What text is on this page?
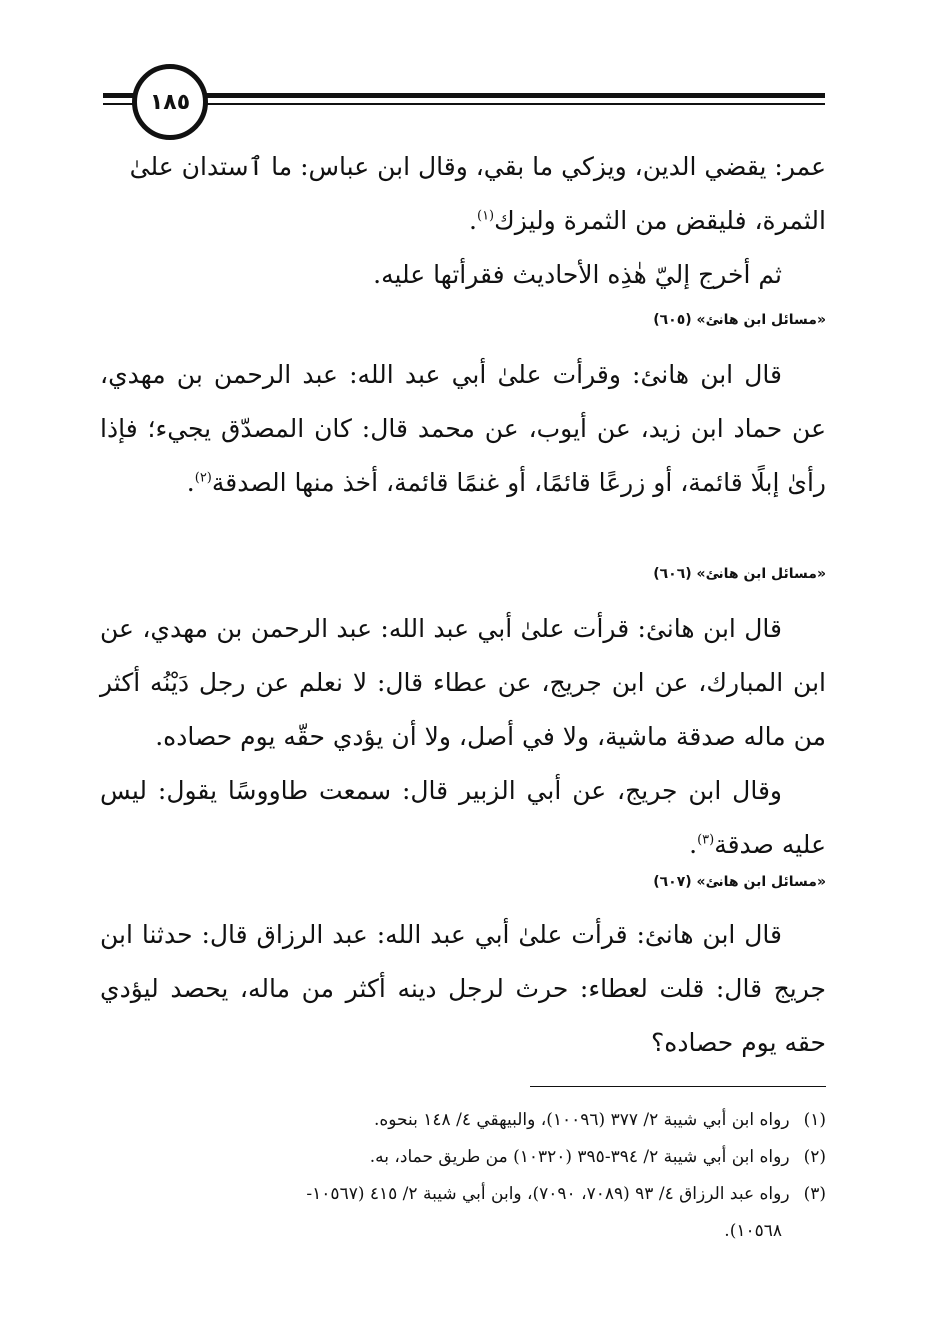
١٨٥

عمر: يقضي الدين، ويزكي ما بقي، وقال ابن عباس: ما ٱستدان علىٰ

الثمرة، فليقض من الثمرة وليزك$^{(١)}$.

ثم أخرج إليّ هٰذِه الأحاديث فقرأتها عليه.

«مسائل ابن هانئ» (٦٠٥)

قال ابن هانئ: وقرأت علىٰ أبي عبد الله: عبد الرحمن بن مهدي، عن حماد ابن زيد، عن أيوب، عن محمد قال: كان المصدّق يجيء؛ فإذا رأىٰ إبلًا قائمة، أو زرعًا قائمًا، أو غنمًا قائمة، أخذ منها الصدقة$^{(٢)}$.

«مسائل ابن هانئ» (٦٠٦)

قال ابن هانئ: قرأت علىٰ أبي عبد الله: عبد الرحمن بن مهدي، عن ابن المبارك، عن ابن جريج، عن عطاء قال: لا نعلم عن رجل دَيْنُه أكثر من ماله صدقة ماشية، ولا في أصل، ولا أن يؤدي حقّه يوم حصاده.

وقال ابن جريج، عن أبي الزبير قال: سمعت طاووسًا يقول: ليس عليه صدقة$^{(٣)}$.

«مسائل ابن هانئ» (٦٠٧)

قال ابن هانئ: قرأت علىٰ أبي عبد الله: عبد الرزاق قال: حدثنا ابن جريج قال: قلت لعطاء: حرث لرجل دينه أكثر من ماله، يحصد ليؤدي حقه يوم حصاده؟

(١)رواه ابن أبي شيبة ٢/ ٣٧٧ (١٠٠٩٦)، والبيهقي ٤/ ١٤٨ بنحوه.

(٢)رواه ابن أبي شيبة ٢/ ٣٩٤-٣٩٥ (١٠٣٢٠) من طريق حماد، به.

(٣)رواه عبد الرزاق ٤/ ٩٣ (٧٠٨٩، ٧٠٩٠)، وابن أبي شيبة ٢/ ٤١٥ (١٠٥٦٧-

١٠٥٦٨).
